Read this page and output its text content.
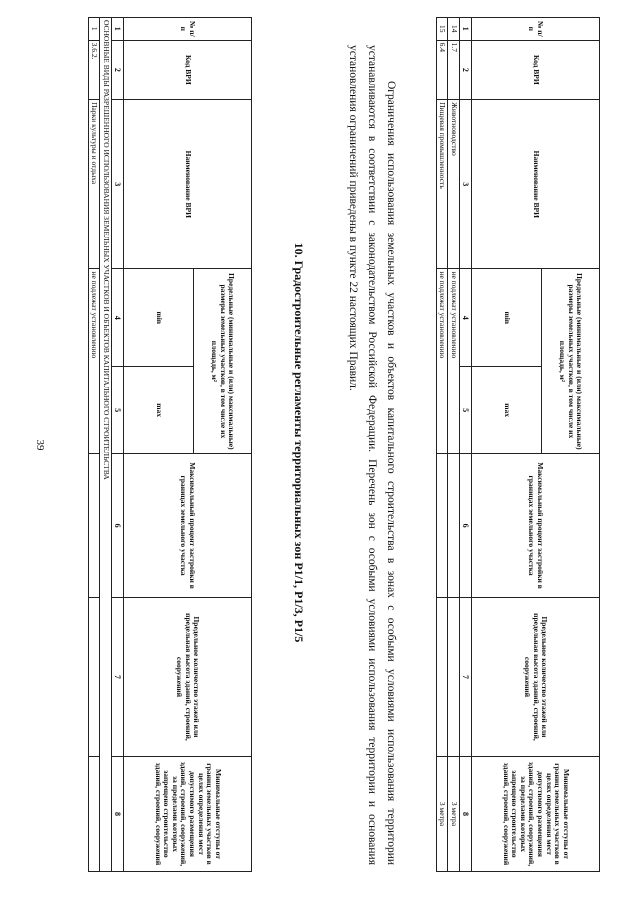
39
№ п/п	Код ВРИ	Наименование ВРИ	Предельные (минимальные и (или) максимальные) размеры земельных участков, в том числе их площадь, м²		Максимальный процент застройки в границах земельного участка	Предельное количество этажей или предельная высота зданий, строений, сооружений	Минимальные отступы от границ земельных участков в целях определения мест допустимого размещения зданий, строений, сооружений, за пределами которых запрещено строительство зданий, строений, сооружений
			min	max			
1	2	3	4	5	6	7	8
14	1.7	Животноводство	не подлежат установлению				3 метра
15	6.4	Пищевая промышленность	не подлежат установлению				3 метра

Ограничения использования земельных участков и объектов капитального строительства в зонах с особыми условиями использования территории устанавливаются в соответствии с законодательством Российской Федерации. Перечень зон с особыми условиями использования территории и основания установления ограничений приведены в пункте 22 настоящих Правил.

10. Градостроительные регламенты территориальных зон Р1/1, Р1/3, Р1/5
№ п/п	Код ВРИ	Наименование ВРИ	Предельные (минимальные и (или) максимальные) размеры земельных участков, в том числе их площадь, м²		Максимальный процент застройки в границах земельного участка	Предельное количество этажей или предельная высота зданий, строений, сооружений	Минимальные отступы от границ земельных участков в целях определения мест допустимого размещения зданий, строений, сооружений, за пределами которых запрещено строительство зданий, строений, сооружений
			min	max			
1	2	3	4	5	6	7	8
ОСНОВНЫЕ ВИДЫ РАЗРЕШЕННОГО ИСПОЛЬЗОВАНИЯ ЗЕМЕЛЬНЫХ УЧАСТКОВ И ОБЪЕКТОВ КАПИТАЛЬНОГО СТРОИТЕЛЬСТВА							
1	3.6.2.	Парки культуры и отдыха	не подлежат установлению				
